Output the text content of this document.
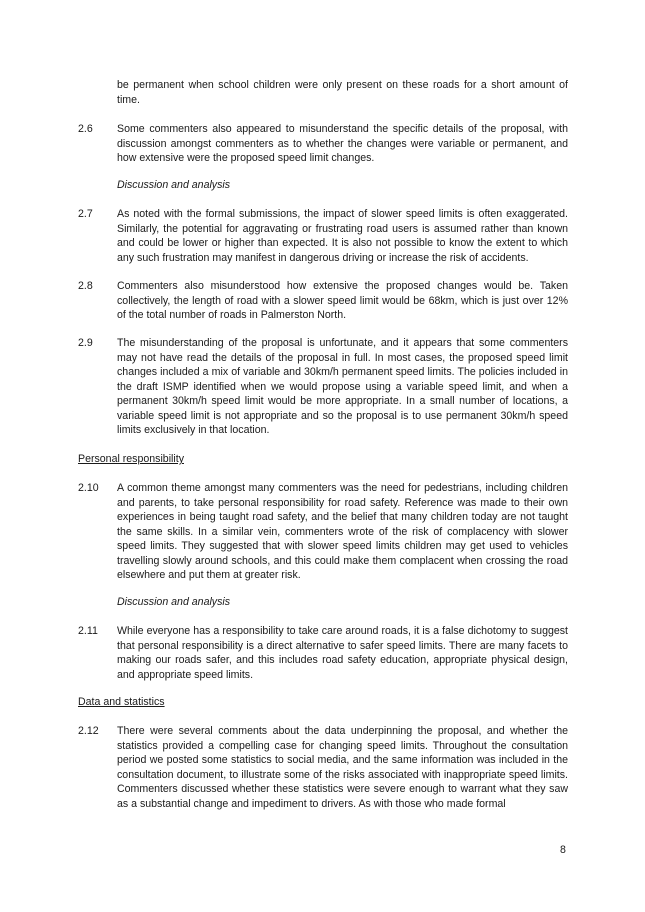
be permanent when school children were only present on these roads for a short amount of time.
2.6	Some commenters also appeared to misunderstand the specific details of the proposal, with discussion amongst commenters as to whether the changes were variable or permanent, and how extensive were the proposed speed limit changes.
Discussion and analysis
2.7	As noted with the formal submissions, the impact of slower speed limits is often exaggerated. Similarly, the potential for aggravating or frustrating road users is assumed rather than known and could be lower or higher than expected. It is also not possible to know the extent to which any such frustration may manifest in dangerous driving or increase the risk of accidents.
2.8	Commenters also misunderstood how extensive the proposed changes would be. Taken collectively, the length of road with a slower speed limit would be 68km, which is just over 12% of the total number of roads in Palmerston North.
2.9	The misunderstanding of the proposal is unfortunate, and it appears that some commenters may not have read the details of the proposal in full. In most cases, the proposed speed limit changes included a mix of variable and 30km/h permanent speed limits. The policies included in the draft ISMP identified when we would propose using a variable speed limit, and when a permanent 30km/h speed limit would be more appropriate. In a small number of locations, a variable speed limit is not appropriate and so the proposal is to use permanent 30km/h speed limits exclusively in that location.
Personal responsibility
2.10	A common theme amongst many commenters was the need for pedestrians, including children and parents, to take personal responsibility for road safety. Reference was made to their own experiences in being taught road safety, and the belief that many children today are not taught the same skills. In a similar vein, commenters wrote of the risk of complacency with slower speed limits. They suggested that with slower speed limits children may get used to vehicles travelling slowly around schools, and this could make them complacent when crossing the road elsewhere and put them at greater risk.
Discussion and analysis
2.11	While everyone has a responsibility to take care around roads, it is a false dichotomy to suggest that personal responsibility is a direct alternative to safer speed limits. There are many facets to making our roads safer, and this includes road safety education, appropriate physical design, and appropriate speed limits.
Data and statistics
2.12	There were several comments about the data underpinning the proposal, and whether the statistics provided a compelling case for changing speed limits. Throughout the consultation period we posted some statistics to social media, and the same information was included in the consultation document, to illustrate some of the risks associated with inappropriate speed limits. Commenters discussed whether these statistics were severe enough to warrant what they saw as a substantial change and impediment to drivers. As with those who made formal
8
